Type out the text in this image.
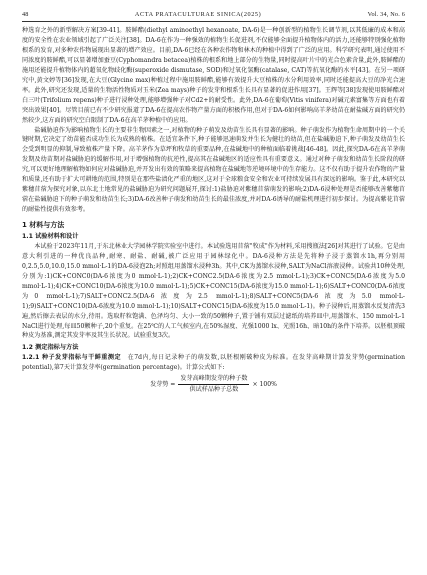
48	ACTA PRATACULTURAE SINICA(2025)	Vol. 34, No. 6

种选育之外的新型解决方案[39-41]。胺鲜酯(diethyl aminoethyl hexanoate, DA-6)是一种创新型的植物生长调节剂,以其低廉的成本和高度的安全性在农业领域引起了广泛关注[38]。DA-6在作为一种强效的植物生长促进剂,不仅能够全面提升植物体内的活力,还能够特别强化植物根系的发育,对多种农作物展现出显著的增产效应。目前,DA-6已经在各种农作物和林木的种植中得到了广泛的应用。科学研究表明,通过使用不同浓度的胺鲜酯,可以显著增加蚕豆(Cyphomandra betacea)植株的根系和地上部分的生物量,同时提高叶片中的光合色素含量,此外,胺鲜酯的施用还能提升植物体内的超氧化物歧化酶(superoxide dismutase, SOD)和过氧化氢酶(catalase, CAT)等抗氧化酶的水平[43]。在另一项研究中,黄文婷等[36]发现,在大豆(Glycine max)种植过程中施用胺鲜酯,能够有效提升大豆植株的水分利用效率,同时还能提高大豆的净光合速率。此外,研究还发现,适量的生物活性物质对玉米(Zea mays)种子的发芽和根系生长具有显著的促进作用[37]。王辉等[38]发现使用胺鲜酯对白三叶(Trifolium repens)种子进行浸种处理,能够增强种子对Cd2+的耐受性。此外,DA-6在葡萄(Vitis vinifera)对碱元素富集等方面也有着突出效果[40]。尽管目前已有不少研究报道了DA-6在提高农作物产量方面的积极作用,但对于DA-6如何影响高羊茅幼苗在耐盐碱方面的研究仍然较少,这方面的研究空白限制了DA-6在高羊茅种植中的应用。

盐碱胁迫作为影响植物生长的主要非生物因素之一,对植物的种子萌发及幼苗生长具有显著的影响。种子萌发作为植物生命周期中的一个关键时期,它决定了幼苗能否成功生长为成熟的植株。在适宜条件下,种子能够迅速萌发并生长为健壮的幼苗,但在盐碱胁迫下,种子萌发及幼苗生长会受到明显的抑制,导致植株产量下降。高羊茅作为草坪和牧草的重要品种,在盐碱地中的种植面临着挑战[46-48]。因此,探究DA-6在高羊茅萌发期及幼苗期对盐碱胁迫的缓解作用,对于增强植物的抗逆性,提高其在盐碱地区的适应性具有重要意义。通过对种子萌发和幼苗生长阶段的研究,可以更好地理解植物如何应对盐碱胁迫,并开发出有效的策略来提高植物在盐碱地等逆境环境中的生存能力。这不仅有助于提升农作物的产量和质量,还有助于扩大可耕地的范围,特别是在那些盐渍化严重的地区,这对于全球粮食安全和农业可持续发展具有深远的影响。鉴于此,本研究以紫穗苜蓿为探究对象,以东北土地常见的盐碱胁迫为研究问题展开,探讨:1)盐胁迫对紫穗苜蓿萌发的影响;2)DA-6浸种处理是否能够改善紫穗苜蓿在盐碱胁迫下的种子萌发和幼苗生长;3)DA-6改善种子萌发和幼苗生长的最佳浓度,并对DA-6诱导的耐盐机理进行初步探讨。为提高紫花苜蓿的耐盐性提供有效参考。

1 材料与方法
1.1 试验材料和设计

本试验于2023年11月,于东北林业大学园林学院实验室中进行。本试验选用苜蓿"牧成"作为材料,采用搜瓶法[26]对其进行了试验。它是由意大利引进的一种优良品种,耐寒、耐盐、耐碱,被广泛应用于园林绿化中。DA-6浸种方法是先将种子浸于蒸馏水1h,再分别用0,2.5,5.0,10.0,15.0 mmol·L-1的DA-6浸泡2h;对照组用蒸馏水浸种3h。其中,CK为蒸馏水浸种,SALT为NaCl溶液浸种。试验共10种处理,分别为:1)CK+CONC0(DA-6浓度为0 mmol·L-1);2)CK+CONC2.5(DA-6浓度为2.5 mmol·L-1);3)CK+CONC5(DA-6浓度为5.0 mmol·L-1);4)CK+CONC10(DA-6浓度为10.0 mmol·L-1);5)CK+CONC15(DA-6浓度为15.0 mmol·L-1);6)SALT+CONC0(DA-6浓度为0 mmol·L-1);7)SALT+CONC2.5(DA-6浓度为2.5 mmol·L-1);8)SALT+CONC5(DA-6浓度为5.0 mmol·L-1);9)SALT+CONC10(DA-6浓度为10.0 mmol·L-1);10)SALT+CONC15(DA-6浓度为15.0 mmol·L-1)。种子浸种后,用蒸馏水反复清洗3遍,然后擦去表层的水分,待用。选取籽粒饱满、色泽均匀、大小一致的50颗种子,置于铺有双层过滤纸的培养皿中,用蒸馏水、150 mmol·L-1 NaCl进行处理,每皿50颗种子,20个重复。在25℃的人工气候室内,在50%湿度、光强1000 lx、光照16h、暗10h的条件下培养。以胚根顶破种皮为基准,测定其发芽率及其生长状况。试验重复3次。

1.2 测定指标与方法

1.2.1 种子发芽指标与干鲜重测定  在7d内,每日记录种子的萌发数,以胚根刚破种皮为标准。在发芽高峰期计算发芽势(germination potential),第7天计算发芽率(germination percentage)。计算公式如下:

发芽势 = $\frac{\text{发芽高峰期发芽的种子数}}{\text{供试样品种子总数}} \times 100\%$
